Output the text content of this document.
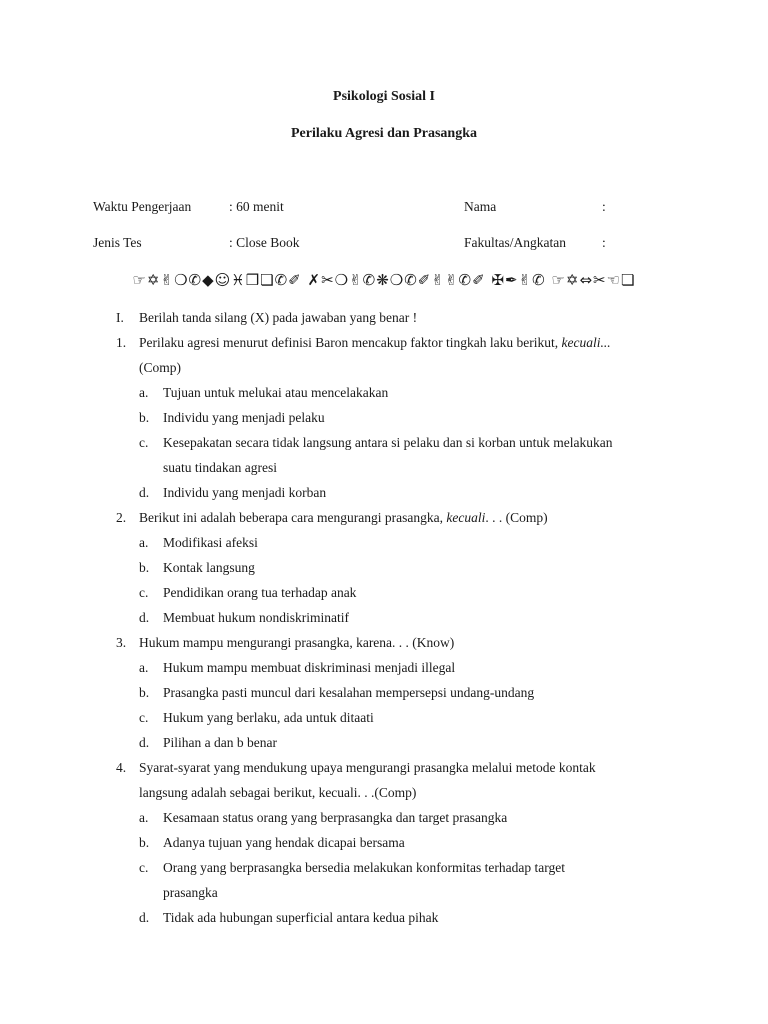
Psikologi Sosial I
Perilaku Agresi dan Prasangka
Waktu Pengerjaan	: 60 menit	Nama	:
Jenis Tes	: Close Book	Fakultas/Angkatan	:
☞✡✌❍✆◆☺♓❒❏✆✐ ✗✂❍✌✆❋❍✆✐✌✌✆✐ ✠✒✌✆ ☞✡⇔✂☜❏
I. Berilah tanda silang (X) pada jawaban yang benar !
1. Perilaku agresi menurut definisi Baron mencakup faktor tingkah laku berikut, kecuali...
(Comp)
a. Tujuan untuk melukai atau mencelakakan
b. Individu yang menjadi pelaku
c. Kesepakatan secara tidak langsung antara si pelaku dan si korban untuk melakukan
suatu tindakan agresi
d. Individu yang menjadi korban
2. Berikut ini adalah beberapa cara mengurangi prasangka, kecuali. . . (Comp)
a. Modifikasi afeksi
b. Kontak langsung
c. Pendidikan orang tua terhadap anak
d. Membuat hukum nondiskriminatif
3. Hukum mampu mengurangi prasangka, karena. . . (Know)
a. Hukum mampu membuat diskriminasi menjadi illegal
b. Prasangka pasti muncul dari kesalahan mempersepsi undang-undang
c. Hukum yang berlaku, ada untuk ditaati
d. Pilihan a dan b benar
4. Syarat-syarat yang mendukung upaya mengurangi prasangka melalui metode kontak
langsung adalah sebagai berikut, kecuali. . .(Comp)
a. Kesamaan status orang yang berprasangka dan target prasangka
b. Adanya tujuan yang hendak dicapai bersama
c. Orang yang berprasangka bersedia melakukan konformitas terhadap target
prasangka
d. Tidak ada hubungan superficial antara kedua pihak
